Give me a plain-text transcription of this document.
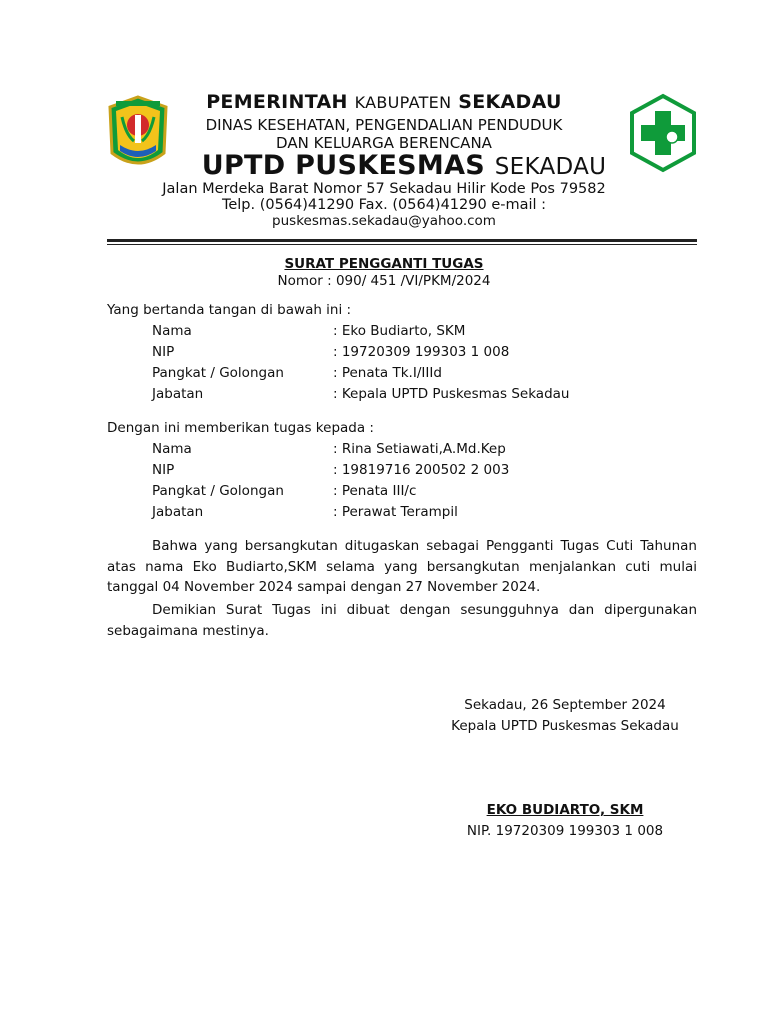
PEMERINTAH KABUPATEN SEKADAU
DINAS KESEHATAN, PENGENDALIAN PENDUDUK
DAN KELUARGA BERENCANA
UPTD PUSKESMAS SEKADAU
Jalan Merdeka Barat Nomor 57 Sekadau Hilir Kode Pos 79582
Telp. (0564)41290 Fax. (0564)41290 e-mail :
puskesmas.sekadau@yahoo.com
SURAT PENGGANTI TUGAS
Nomor : 090/ 451 /VI/PKM/2024
Yang bertanda tangan di bawah ini :
Nama	: Eko Budiarto, SKM
NIP	: 19720309 199303 1 008
Pangkat / Golongan	: Penata Tk.I/IIId
Jabatan	: Kepala UPTD Puskesmas Sekadau
Dengan ini memberikan tugas kepada :
Nama	: Rina Setiawati,A.Md.Kep
NIP	: 19819716 200502 2 003
Pangkat / Golongan	: Penata III/c
Jabatan	: Perawat Terampil
Bahwa yang bersangkutan ditugaskan sebagai Pengganti Tugas Cuti Tahunan
atas nama Eko Budiarto,SKM selama yang bersangkutan menjalankan cuti mulai
tanggal 04 November 2024 sampai dengan 27 November 2024.
Demikian Surat Tugas ini dibuat dengan sesungguhnya dan dipergunakan
sebagaimana mestinya.
Sekadau, 26 September 2024
Kepala UPTD Puskesmas Sekadau
EKO BUDIARTO, SKM
NIP. 19720309 199303 1 008
